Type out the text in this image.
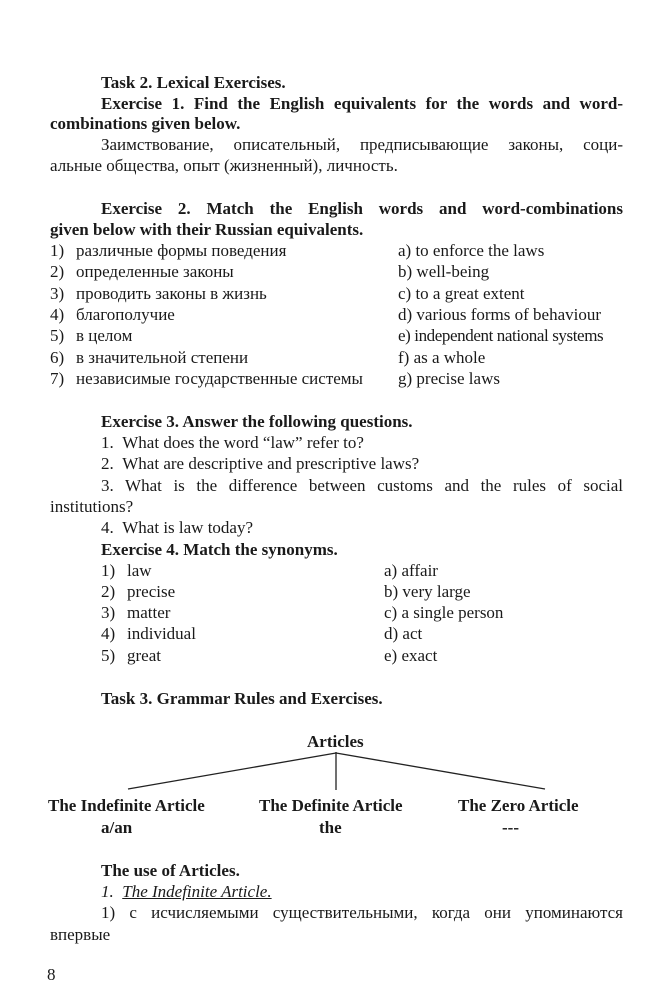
Task 2. Lexical Exercises.
Exercise 1. Find the English equivalents for the words and word-
combinations given below.
Заимствование, описательный, предписывающие законы, соци-
альные общества, опыт (жизненный), личность.
Exercise 2. Match the English words and word-combinations
given below with their Russian equivalents.
1) различные формы поведения
2) определенные законы
3) проводить законы в жизнь
4) благополучие
5) в целом
6) в значительной степени
7) независимые государственные системы
a) to enforce the laws
b) well-being
c) to a great extent
d) various forms of behaviour
e) independent national systems
f) as a whole
g) precise laws
Exercise 3. Answer the following questions.
1. What does the word “law” refer to?
2. What are descriptive and prescriptive laws?
3. What is the difference between customs and the rules of social
institutions?
4. What is law today?
Exercise 4. Match the synonyms.
1) law
2) precise
3) matter
4) individual
5) great
a) affair
b) very large
c) a single person
d) act
e) exact
Task 3. Grammar Rules and Exercises.
Articles
The Indefinite Article
a/an
The Definite Article
the
The Zero Article
---
The use of Articles.
1. The Indefinite Article.
1) с исчисляемыми существительными, когда они упоминаются
впервые
8
